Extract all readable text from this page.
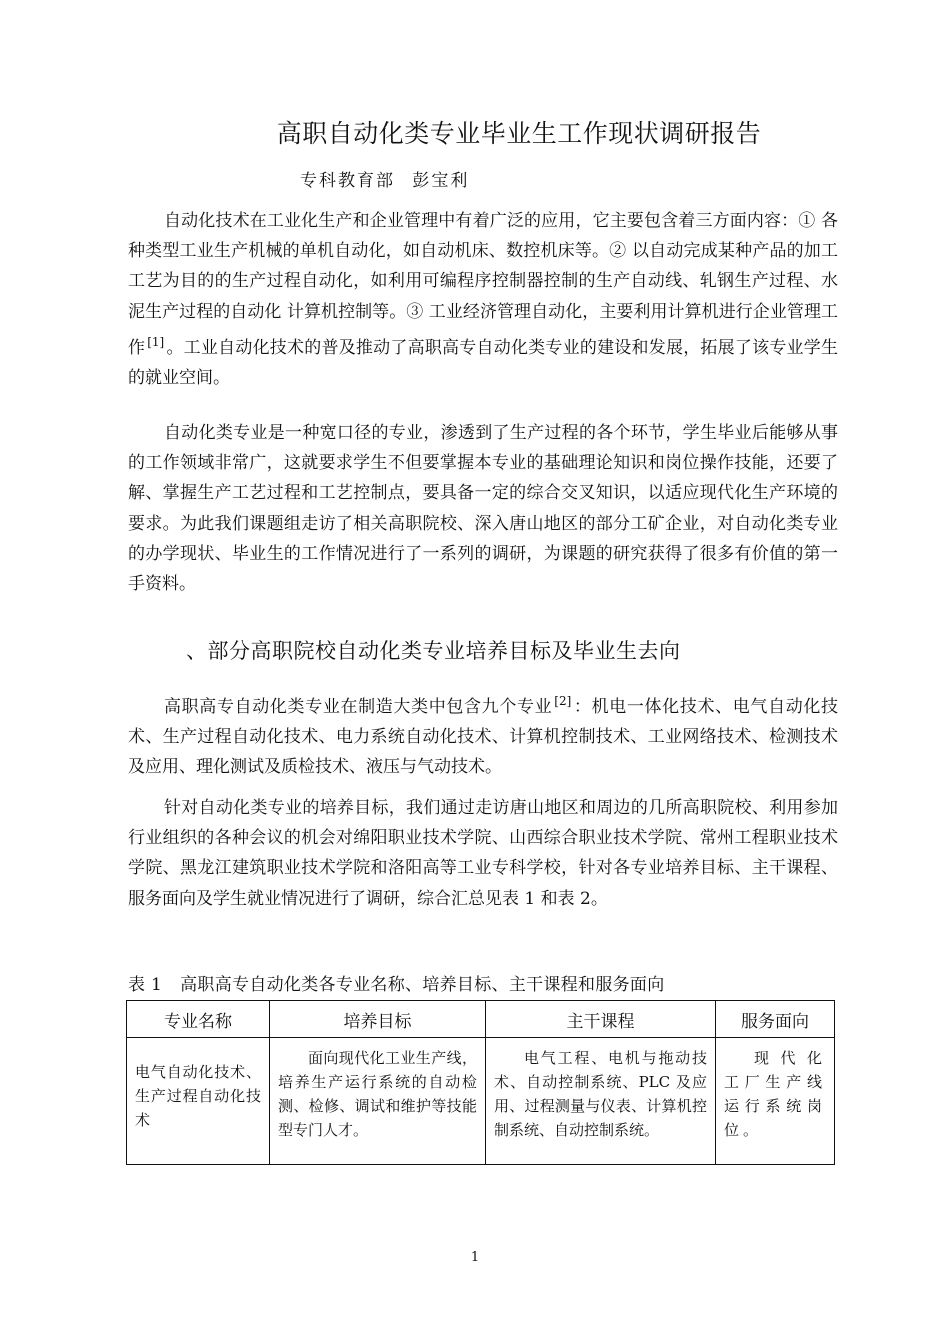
高职自动化类专业毕业生工作现状调研报告
专科教育部 彭宝利

自动化技术在工业化生产和企业管理中有着广泛的应用，它主要包含着三方面内容：① 各种类型工业生产机械的单机自动化，如自动机床、数控机床等。② 以自动完成某种产品的加工工艺为目的的生产过程自动化，如利用可编程序控制器控制的生产自动线、轧钢生产过程、水泥生产过程的自动化 计算机控制等。③ 工业经济管理自动化，主要利用计算机进行企业管理工作 [1] 。工业自动化技术的普及推动了高职高专自动化类专业的建设和发展，拓展了该专业学生的就业空间。

自动化类专业是一种宽口径的专业，渗透到了生产过程的各个环节，学生毕业后能够从事的工作领域非常广，这就要求学生不但要掌握本专业的基础理论知识和岗位操作技能，还要了解、掌握生产工艺过程和工艺控制点，要具备一定的综合交叉知识，以适应现代化生产环境的要求。为此我们课题组走访了相关高职院校、深入唐山地区的部分工矿企业，对自动化类专业的办学现状、毕业生的工作情况进行了一系列的调研，为课题的研究获得了很多有价值的第一手资料。

、部分高职院校自动化类专业培养目标及毕业生去向

高职高专自动化类专业在制造大类中包含九个专业 [2] ：机电一体化技术、电气自动化技术、生产过程自动化技术、电力系统自动化技术、计算机控制技术、工业网络技术、检测技术及应用、理化测试及质检技术、液压与气动技术。

针对自动化类专业的培养目标，我们通过走访唐山地区和周边的几所高职院校、利用参加行业组织的各种会议的机会对绵阳职业技术学院、山西综合职业技术学院、常州工程职业技术学院、黑龙江建筑职业技术学院和洛阳高等工业专科学校，针对各专业培养目标、主干课程、服务面向及学生就业情况进行了调研，综合汇总见表 1 和表 2。

表 1 高职高专自动化类各专业名称、培养目标、主干课程和服务面向
专业名称	培养目标	主干课程	服务面向
电气自动化技术、生产过程自动化技术	面向现代化工业生产线，培养生产运行系统的自动检测、检修、调试和维护等技能型专门人才。	电气工程、电机与拖动技术、自动控制系统、PLC 及应用、过程测量与仪表、计算机控制系统、自动控制系统。	现代化工厂生产线运行系统岗位。
1
